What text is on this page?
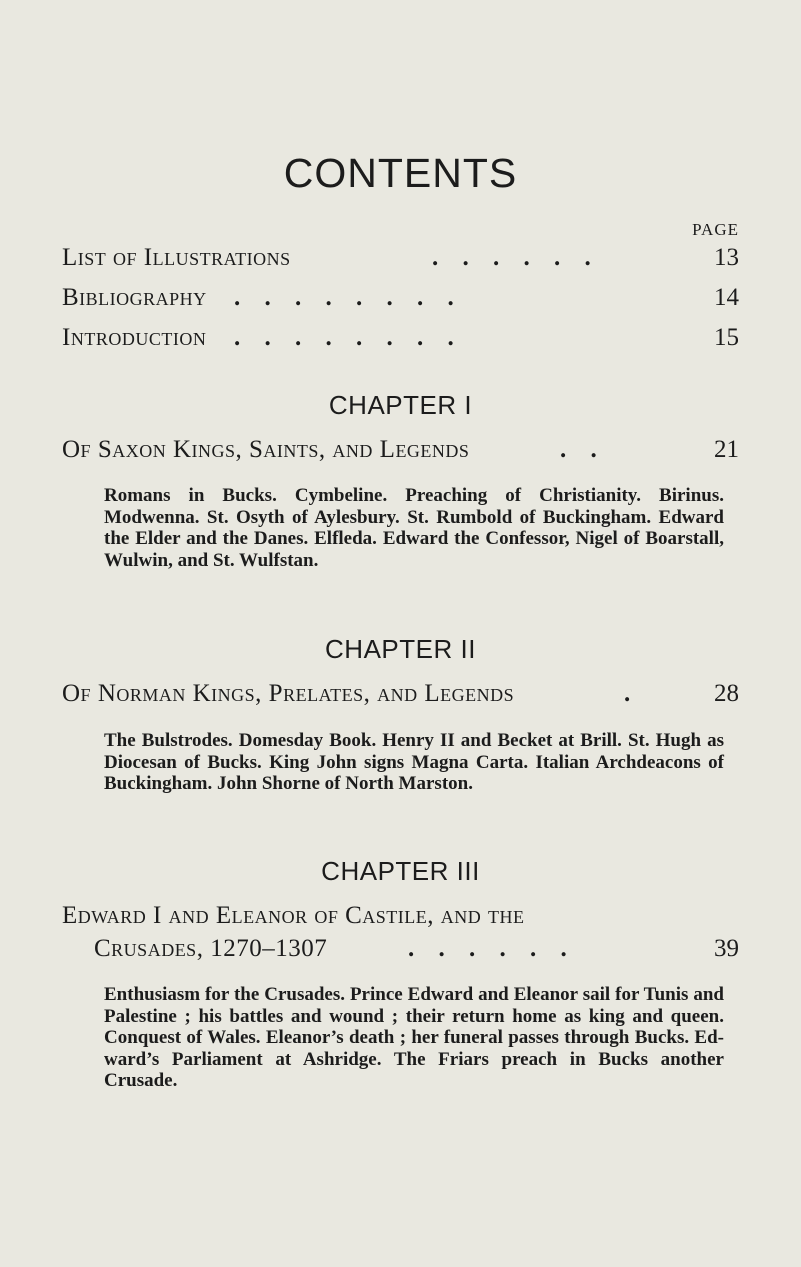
CONTENTS
PAGE
List of Illustrations	. . . . . .	13
Bibliography . . . . . . . .	14
Introduction . . . . . . . .	15
CHAPTER I
Of Saxon Kings, Saints, and Legends	. .	21
Romans in Bucks. Cymbeline. Preaching of Christianity. Birinus. Modwenna. St. Osyth of Aylesbury. St. Rumbold of Buckingham. Edward the Elder and the Danes. Elfleda. Edward the Confessor, Nigel of Boarstall, Wulwin, and St. Wulfstan.
CHAPTER II
Of Norman Kings, Prelates, and Legends	.	28
The Bulstrodes. Domesday Book. Henry II and Becket at Brill. St. Hugh as Diocesan of Bucks. King John signs Magna Carta. Italian Archdeacons of Buckingham. John Shorne of North Marston.
CHAPTER III
Edward I and Eleanor of Castile, and the
Crusades, 1270–1307	. . . . . .	39
Enthusiasm for the Crusades. Prince Edward and Eleanor sail for Tunis and Palestine ; his battles and wound ; their return home as king and queen. Conquest of Wales. Eleanor’s death ; her funeral passes through Bucks. Ed- ward’s Parliament at Ashridge. The Friars preach in Bucks another Crusade.
